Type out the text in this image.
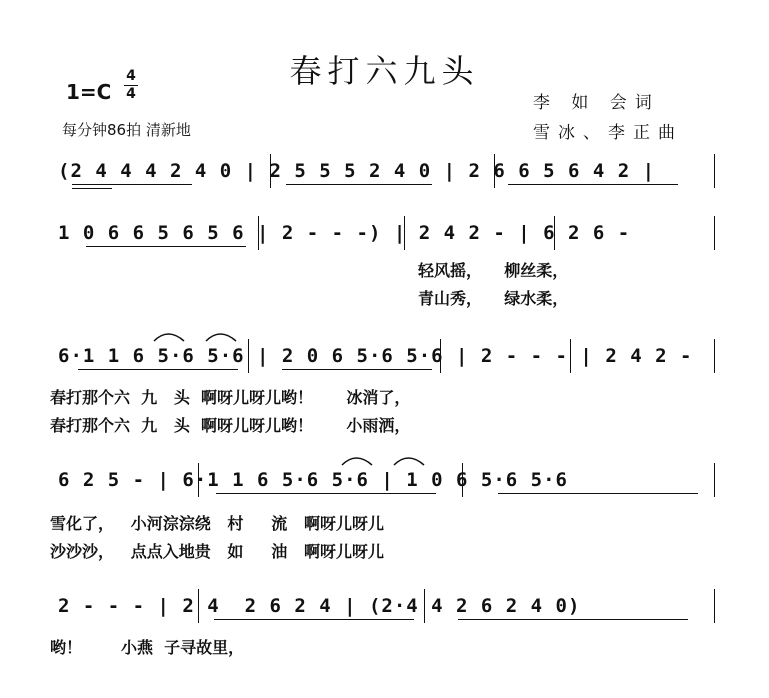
春打六九头
1=C
4
4
每分钟86拍 清新地
李 如 会词
雪冰、李正曲
(2 4 4 4 2 4 0 | 2 5 5 5 2 4 0 | 2 6 6 5 6 4 2 |
1 0 6 6 5 6 5 6 | 2 - - -) | 2 4 2 - | 6 2 6 -
轻风摇，    柳丝柔，
青山秀，    绿水柔，
6·1 1 6 5·6 5·6 | 2 0 6 5·6 5·6 | 2 - - - | 2 4 2 -
春打那个六  九   头  啊呀儿呀儿哟！      冰消了，
春打那个六  九   头  啊呀儿呀儿哟！      小雨洒，
6 2 5 - | 6·1 1 6 5·6 5·6 | 1 0 6 5·6 5·6
雪化了，   小河淙淙绕   村     流   啊呀儿呀儿
沙沙沙，   点点入地贵   如     油   啊呀儿呀儿
2 - - - | 2 4  2 6 2 4 | (2·4 4 2 6 2 4 0)
哟！       小燕  子寻故里，
